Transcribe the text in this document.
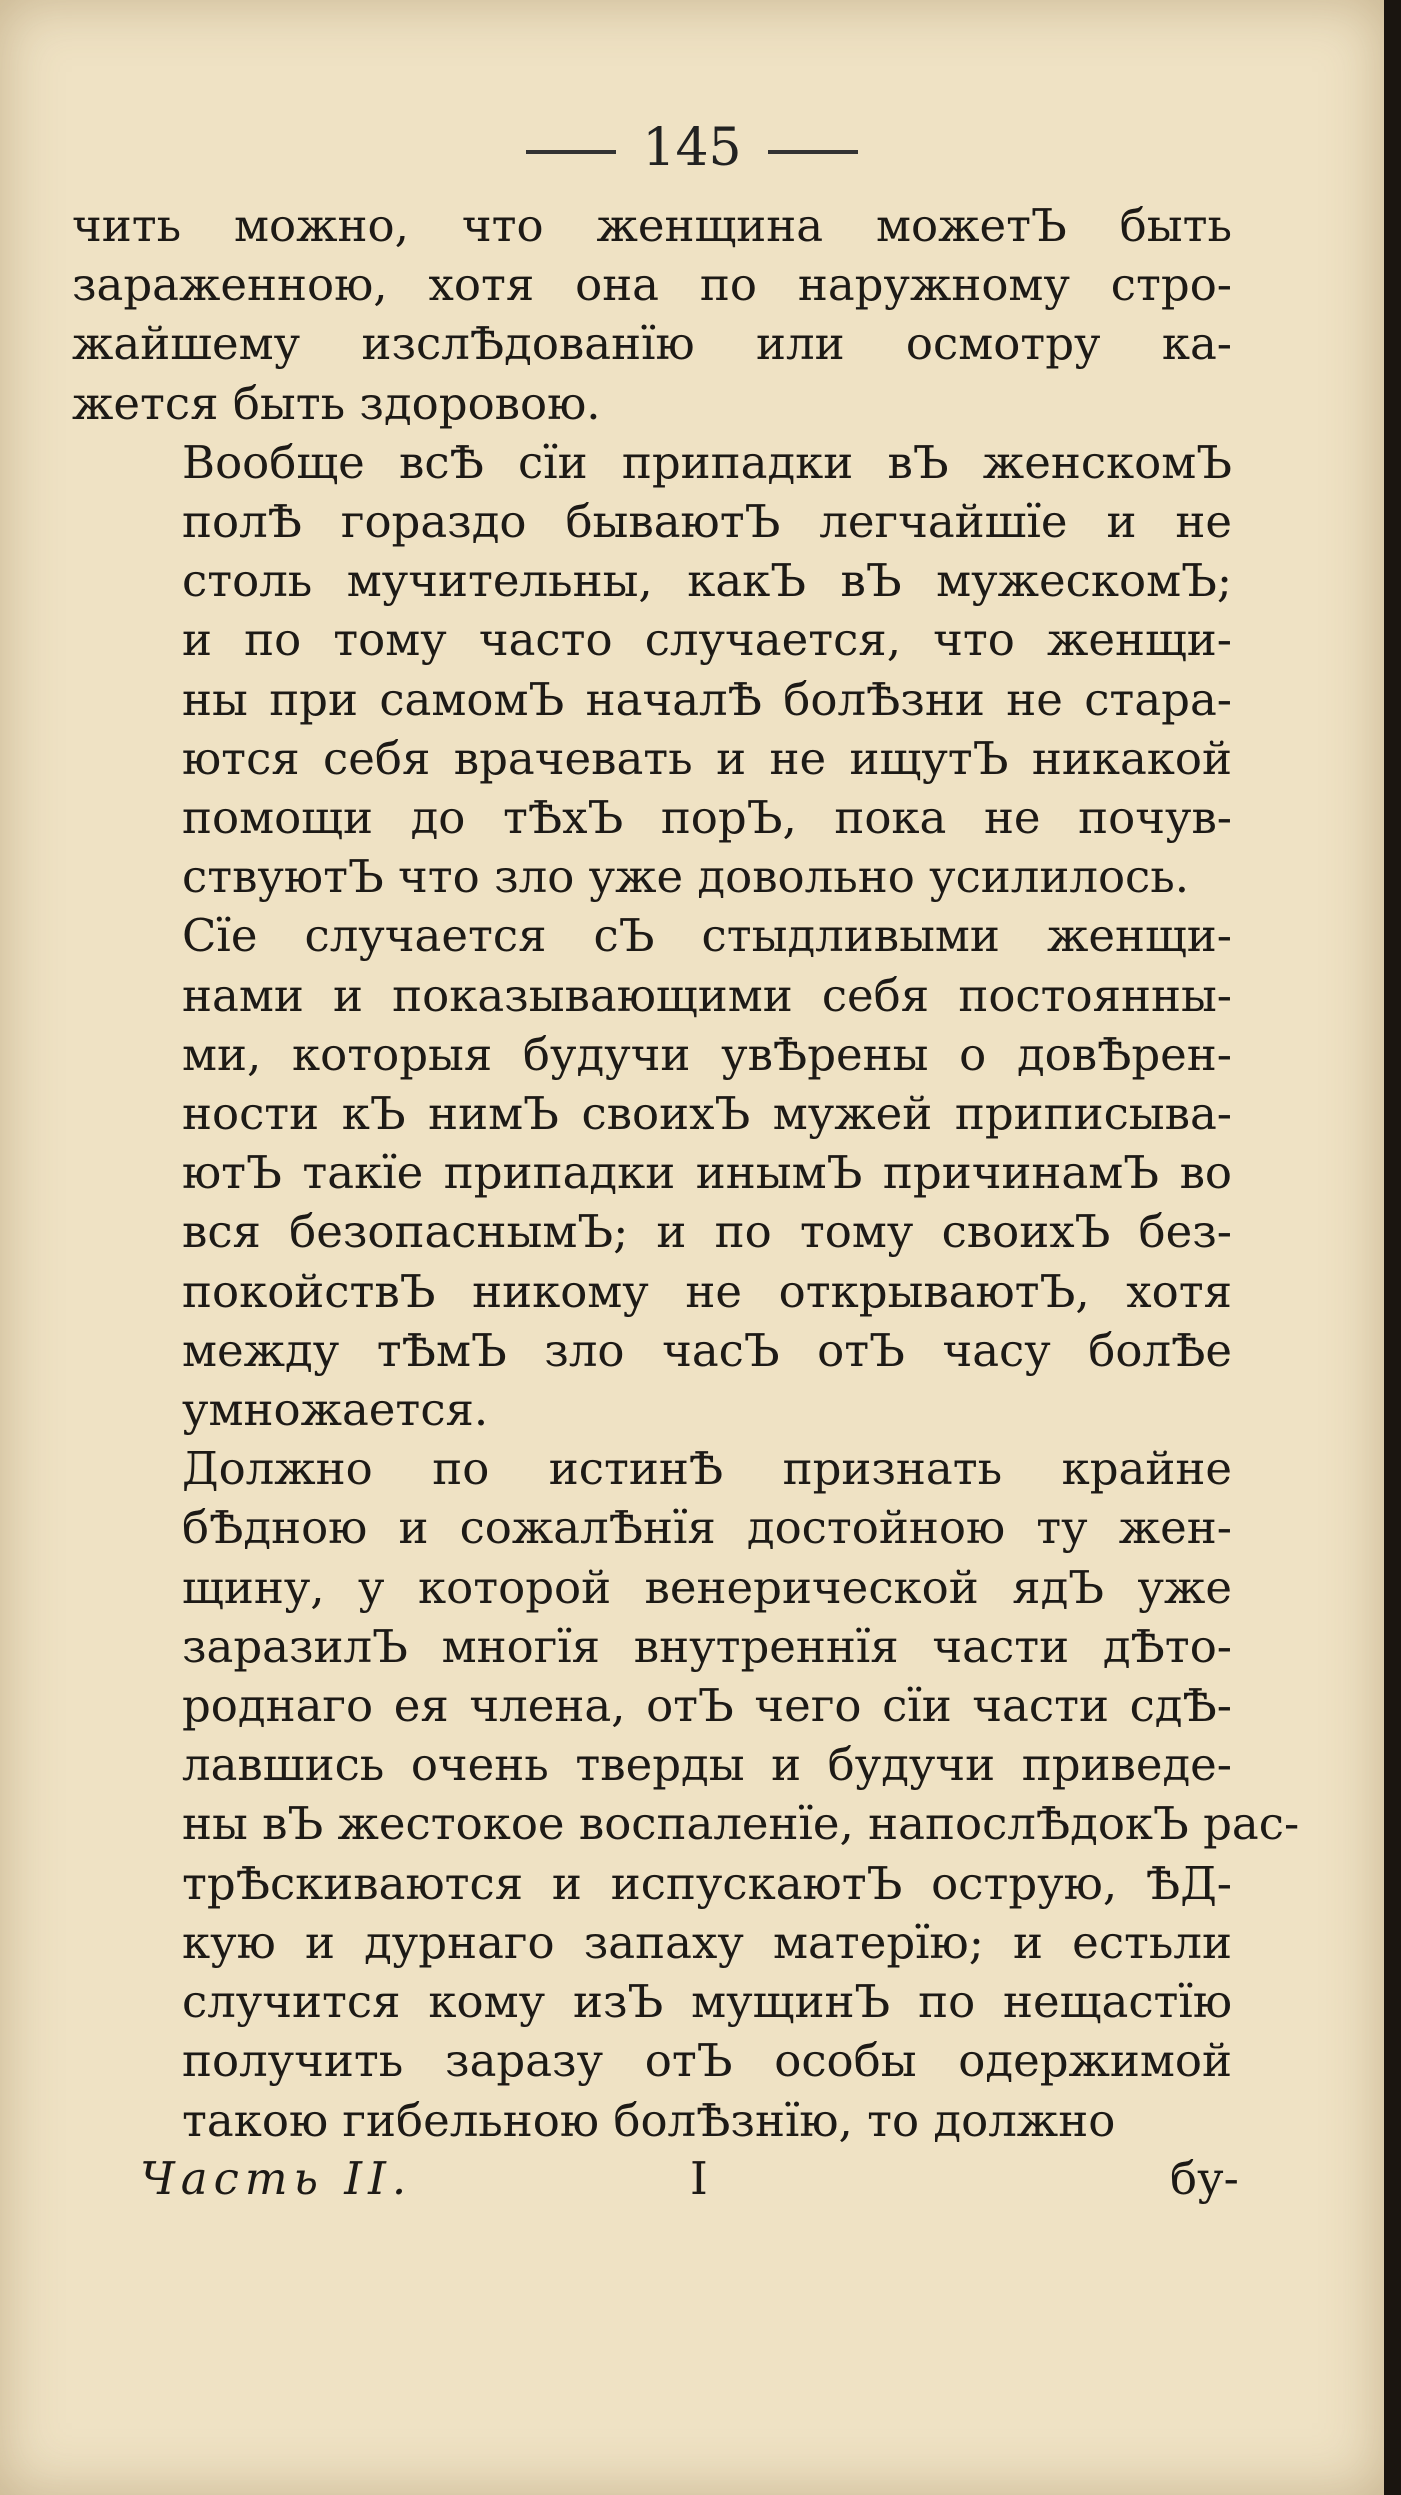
145

чить можно, что женщина можетЪ быть
зараженною, хотя она по наружному стро-
жайшему изслѢдованїю или осмотру ка-
жется быть здоровою.

Вообще всѢ сїи припадки вЪ женскомЪ
полѢ гораздо бываютЪ легчайшїе и не
столь мучительны, какЪ вЪ мужескомЪ;
и по тому часто случается, что женщи-
ны при самомЪ началѢ болѢзни не стара-
ются себя врачевать и не ищутЪ никакой
помощи до тѢхЪ порЪ, пока не почув-
ствуютЪ что зло уже довольно усилилось.

Сїе случается сЪ стыдливыми женщи-
нами и показывающими себя постоянны-
ми, которыя будучи увѢрены о довѢрен-
ности кЪ нимЪ своихЪ мужей приписыва-
ютЪ такїе припадки инымЪ причинамЪ во
вся безопаснымЪ; и по тому своихЪ без-
покойствЪ никому не открываютЪ, хотя
между тѢмЪ зло часЪ отЪ часу болѢе
умножается.

Должно по истинѢ признать крайне
бѢдною и сожалѢнїя достойною ту жен-
щину, у которой венерической ядЪ уже
заразилЪ многїя внутреннїя части дѢто-
роднаго ея члена, отЪ чего сїи части сдѢ-
лавшись очень тверды и будучи приведе-
ны вЪ жестокое воспаленїе, напослѢдокЪ рас-
трѢскиваются и испускаютЪ острую, ѢД-
кую и дурнаго запаху матерїю; и естьли
случится кому изЪ мущинЪ по нещастїю
получить заразу отЪ особы одержимой
такою гибельною болѢзнїю, то должно

Часть II.	I	бу-
